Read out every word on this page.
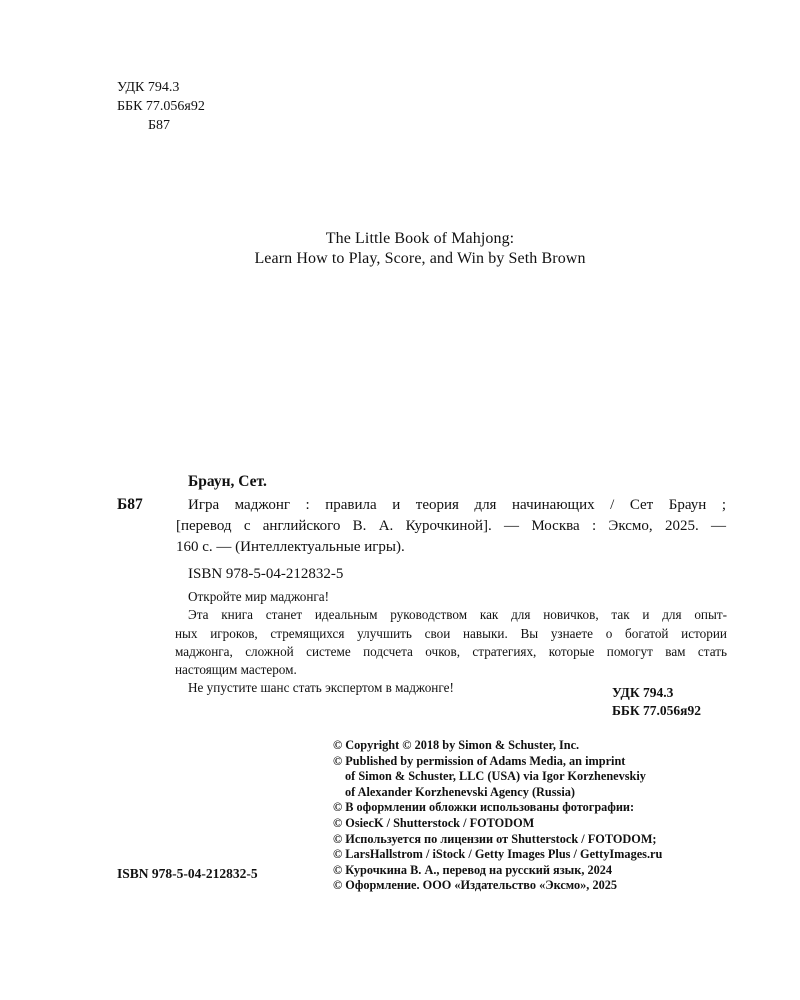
УДК 794.3
ББК 77.056я92
Б87
The Little Book of Mahjong:
Learn How to Play, Score, and Win by Seth Brown
Браун, Сет.
Б87	Игра маджонг : правила и теория для начинающих / Сет Браун ;
[перевод с английского В. А. Курочкиной]. — Москва : Эксмо, 2025. —
160 с. — (Интеллектуальные игры).
ISBN 978-5-04-212832-5
Откройте мир маджонга!
Эта книга станет идеальным руководством как для новичков, так и для опыт-
ных игроков, стремящихся улучшить свои навыки. Вы узнаете о богатой истории
маджонга, сложной системе подсчета очков, стратегиях, которые помогут вам стать
настоящим мастером.
Не упустите шанс стать экспертом в маджонге!	УДК 794.3
ББК 77.056я92
© Copyright © 2018 by Simon & Schuster, Inc.
© Published by permission of Adams Media, an imprint
of Simon & Schuster, LLC (USA) via Igor Korzhenevskiy
of Alexander Korzhenevski Agency (Russia)
© В оформлении обложки использованы фотографии:
© OsiecK / Shutterstock / FOTODOM
© Используется по лицензии от Shutterstock / FOTODOM;
© LarsHallstrom / iStock / Getty Images Plus / GettyImages.ru
© Курочкина В. А., перевод на русский язык, 2024
© Оформление. ООО «Издательство «Эксмо», 2025
ISBN 978-5-04-212832-5
